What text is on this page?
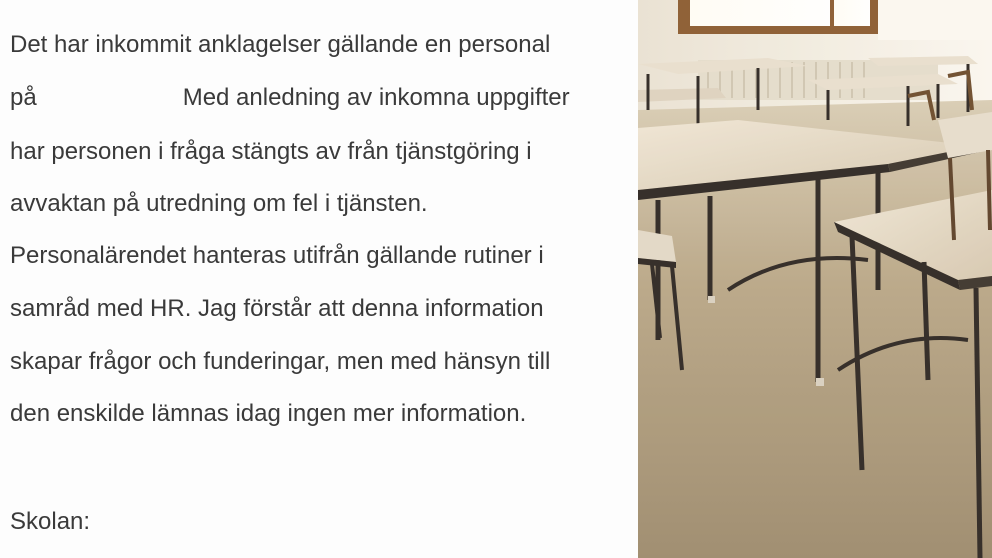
Det har inkommit anklagelser gällande en personal
på	Med anledning av inkomna uppgifter
har personen i fråga stängts av från tjänstgöring i
avvaktan på utredning om fel i tjänsten.
Personalärendet hanteras utifrån gällande rutiner i
samråd med HR. Jag förstår att denna information
skapar frågor och funderingar, men med hänsyn till
den enskilde lämnas idag ingen mer information.
Skolan:
